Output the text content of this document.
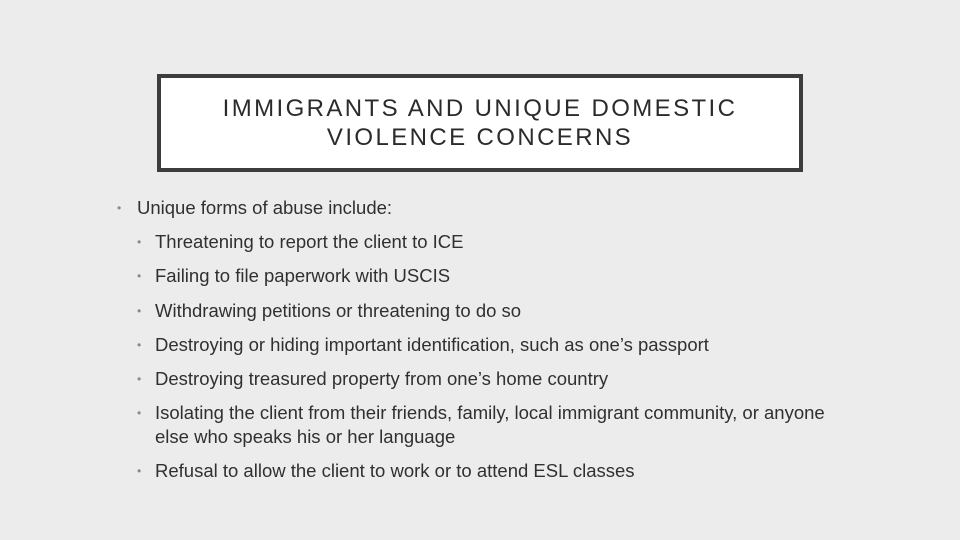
IMMIGRANTS AND UNIQUE DOMESTIC
VIOLENCE CONCERNS
• Unique forms of abuse include:
• Threatening to report the client to ICE
• Failing to file paperwork with USCIS
• Withdrawing petitions or threatening to do so
• Destroying or hiding important identification, such as one’s passport
• Destroying treasured property from one’s home country
• Isolating the client from their friends, family, local immigrant community, or anyone else who speaks his or her language
• Refusal to allow the client to work or to attend ESL classes
